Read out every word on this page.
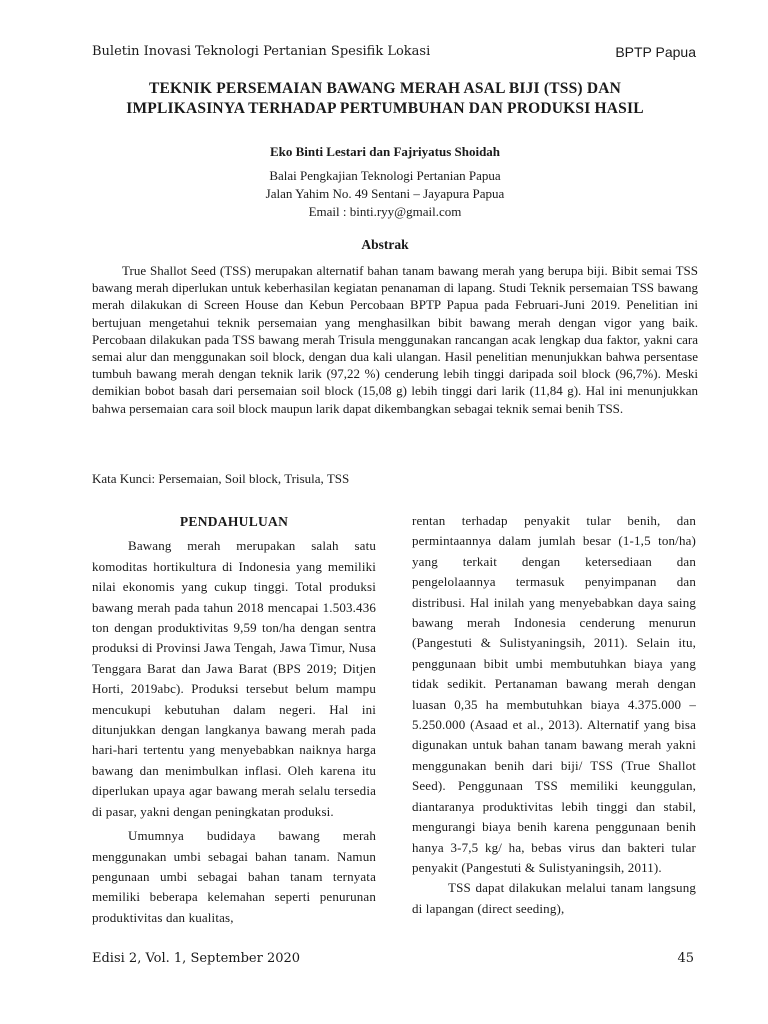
Buletin Inovasi Teknologi Pertanian Spesifik Lokasi	BPTP Papua
TEKNIK PERSEMAIAN BAWANG MERAH ASAL BIJI (TSS) DAN
IMPLIKASINYA TERHADAP PERTUMBUHAN DAN PRODUKSI HASIL
Eko Binti Lestari dan Fajriyatus Shoidah
Balai Pengkajian Teknologi Pertanian Papua
Jalan Yahim No. 49 Sentani – Jayapura Papua
Email : binti.ryy@gmail.com
Abstrak
True Shallot Seed (TSS) merupakan alternatif bahan tanam bawang merah yang berupa biji. Bibit semai TSS bawang merah diperlukan untuk keberhasilan kegiatan penanaman di lapang. Studi Teknik persemaian TSS bawang merah dilakukan di Screen House dan Kebun Percobaan BPTP Papua pada Februari-Juni 2019. Penelitian ini bertujuan mengetahui teknik persemaian yang menghasilkan bibit bawang merah dengan vigor yang baik. Percobaan dilakukan pada TSS bawang merah Trisula menggunakan rancangan acak lengkap dua faktor, yakni cara semai alur dan menggunakan soil block, dengan dua kali ulangan. Hasil penelitian menunjukkan bahwa persentase tumbuh bawang merah dengan teknik larik (97,22 %) cenderung lebih tinggi daripada soil block (96,7%). Meski demikian bobot basah dari persemaian soil block (15,08 g) lebih tinggi dari larik (11,84 g). Hal ini menunjukkan bahwa persemaian cara soil block maupun larik dapat dikembangkan sebagai teknik semai benih TSS.
Kata Kunci: Persemaian, Soil block, Trisula, TSS
PENDAHULUAN

Bawang merah merupakan salah satu komoditas hortikultura di Indonesia yang memiliki nilai ekonomis yang cukup tinggi. Total produksi bawang merah pada tahun 2018 mencapai 1.503.436 ton dengan produktivitas 9,59 ton/ha dengan sentra produksi di Provinsi Jawa Tengah, Jawa Timur, Nusa Tenggara Barat dan Jawa Barat (BPS 2019; Ditjen Horti, 2019abc). Produksi tersebut belum mampu mencukupi kebutuhan dalam negeri. Hal ini ditunjukkan dengan langkanya bawang merah pada hari-hari tertentu yang menyebabkan naiknya harga bawang dan menimbulkan inflasi. Oleh karena itu diperlukan upaya agar bawang merah selalu tersedia di pasar, yakni dengan peningkatan produksi.

Umumnya budidaya bawang merah menggunakan umbi sebagai bahan tanam. Namun pengunaan umbi sebagai bahan tanam ternyata memiliki beberapa kelemahan seperti penurunan produktivitas dan kualitas,

rentan terhadap penyakit tular benih, dan permintaannya dalam jumlah besar (1-1,5 ton/ha) yang terkait dengan ketersediaan dan pengelolaannya termasuk penyimpanan dan distribusi. Hal inilah yang menyebabkan daya saing bawang merah Indonesia cenderung menurun (Pangestuti & Sulistyaningsih, 2011). Selain itu, penggunaan bibit umbi membutuhkan biaya yang tidak sedikit. Pertanaman bawang merah dengan luasan 0,35 ha membutuhkan biaya 4.375.000 – 5.250.000 (Asaad et al., 2013). Alternatif yang bisa digunakan untuk bahan tanam bawang merah yakni menggunakan benih dari biji/ TSS (True Shallot Seed). Penggunaan TSS memiliki keunggulan, diantaranya produktivitas lebih tinggi dan stabil, mengurangi biaya benih karena penggunaan benih hanya 3-7,5 kg/ ha, bebas virus dan bakteri tular penyakit (Pangestuti & Sulistyaningsih, 2011).

TSS dapat dilakukan melalui tanam langsung di lapangan (direct seeding),

Edisi 2, Vol. 1, September 2020	45
